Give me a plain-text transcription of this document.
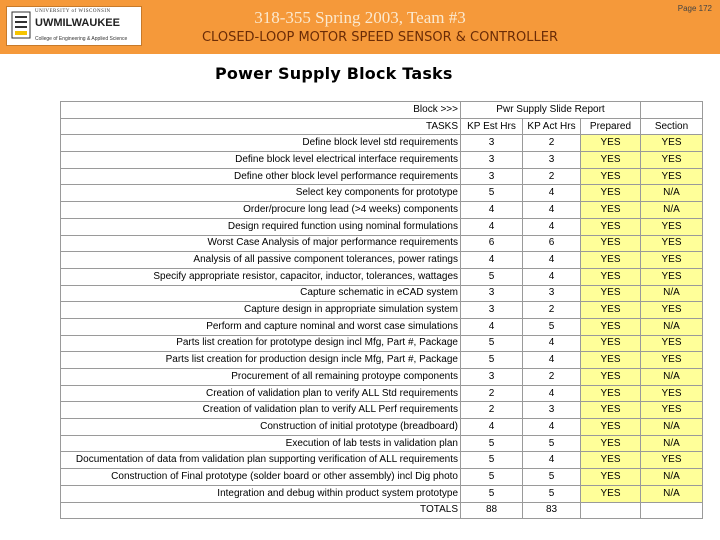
UNIVERSITY of WISCONSIN
UWMILWAUKEE
College of Engineering & Applied Science
318-355 Spring 2003, Team #3
CLOSED-LOOP MOTOR SPEED SENSOR & CONTROLLER
Page 172
Power Supply Block Tasks
Block >>>	Pwr Supply Slide Report			
TASKS	KP Est Hrs	KP Act Hrs	Prepared	Section
Define block level std requirements	3	2	YES	YES
Define block level electrical interface requirements	3	3	YES	YES
Define other block level performance requirements	3	2	YES	YES
Select key components for prototype	5	4	YES	N/A
Order/procure long lead (>4 weeks) components	4	4	YES	N/A
Design required function using nominal formulations	4	4	YES	YES
Worst Case Analysis of major performance requirements	6	6	YES	YES
Analysis of all passive component tolerances, power ratings	4	4	YES	YES
Specify appropriate resistor, capacitor, inductor, tolerances, wattages	5	4	YES	YES
Capture schematic in eCAD system	3	3	YES	N/A
Capture design in appropriate simulation system	3	2	YES	YES
Perform and capture nominal and worst case simulations	4	5	YES	N/A
Parts list creation for prototype design incl Mfg, Part #, Package	5	4	YES	YES
Parts list creation for production design incle Mfg, Part #, Package	5	4	YES	YES
Procurement of all remaining protoype components	3	2	YES	N/A
Creation of validation plan to verify ALL Std requirements	2	4	YES	YES
Creation of validation plan to verify ALL Perf requirements	2	3	YES	YES
Construction of initial prototype (breadboard)	4	4	YES	N/A
Execution of lab tests in validation plan	5	5	YES	N/A
Documentation of data from validation plan supporting verification of ALL requirements	5	4	YES	YES
Construction of Final prototype (solder board or other assembly) incl Dig photo	5	5	YES	N/A
Integration and debug within product system prototype	5	5	YES	N/A
TOTALS	88	83		
